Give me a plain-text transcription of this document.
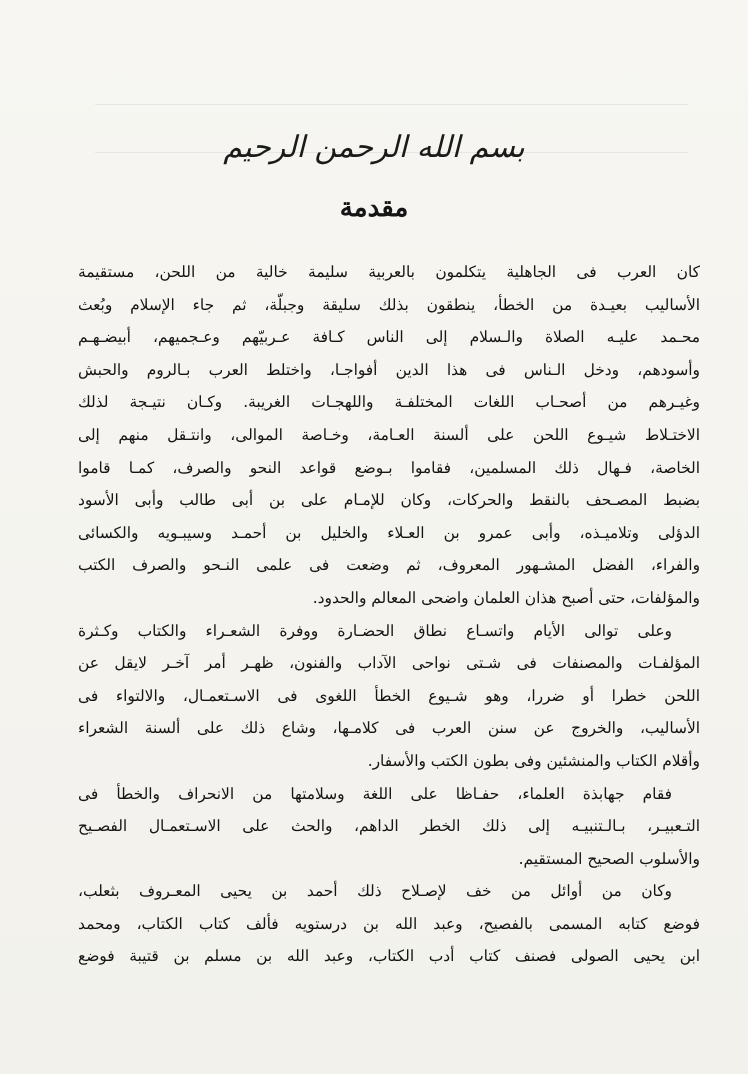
بسم الله الرحمن الرحيم
مقدمة
كان العرب فى الجاهلية يتكلمون بالعربية سليمة خالية من اللحن، مستقيمة
الأساليب بعيـدة من الخطأ، ينطقون بذلك سليقة وجبلّة، ثم جاء الإسلام وبُعث
محـمد عليـه الصلاة والـسلام إلى الناس كـافة عـربيّهم وعـجميهم، أبيضـهـم
وأسودهم، ودخل الـناس فى هذا الدين أفواجـا، واختلط العرب بـالروم والحبش
وغيـرهم من أصحـاب اللغات المختلفـة واللهجـات الغريبة. وكـان نتيـجة لذلك
الاختـلاط شيـوع اللحن على ألسنة العـامة، وخـاصة الموالى، وانتـقل منهم إلى
الخاصة، فـهال ذلك المسلمين، فقاموا بـوضع قواعد النحو والصرف، كمـا قاموا
بضبط المصـحف بالنقط والحركات، وكان للإمـام على بن أبى طالب وأبى الأسود
الدؤلى وتلاميـذه، وأبى عمرو بن العـلاء والخليل بن أحمـد وسيبـويه والكسائى
والفراء، الفضل المشـهور المعروف، ثم وضعت فى علمى النـحو والصرف الكتب
والمؤلفات، حتى أصبح هذان العلمان واضحى المعالم والحدود.
وعلى توالى الأيام واتسـاع نطاق الحضـارة ووفرة الشعـراء والكتاب وكـثرة
المؤلفـات والمصنفات فى شـتى نواحى الآداب والفنون، ظهـر أمر آخـر لايقل عن
اللحن خطرا أو ضررا، وهو شـيوع الخطأ اللغوى فى الاسـتعمـال، والالتواء فى
الأساليب، والخروج عن سنن العرب فى كلامـها، وشاع ذلك على ألسنة الشعراء
وأقلام الكتاب والمنشئين وفى بطون الكتب والأسفار.
فقام جهابذة العلماء، حفـاظا على اللغة وسلامتها من الانحراف والخطأ فى
التـعبيـر، بـالـتنبيـه إلى ذلك الخطر الداهم، والحث على الاسـتعمـال الفصـيح
والأسلوب الصحيح المستقيم.
وكان من أوائل من خف لإصـلاح ذلك أحمد بن يحيى المعـروف بثعلب،
فوضع كتابه المسمى بالفصيح، وعبد الله بن درستويه فألف كتاب الكتاب، ومحمد
ابن يحيى الصولى فصنف كتاب أدب الكتاب، وعبد الله بن مسلم بن قتيبة فوضع
